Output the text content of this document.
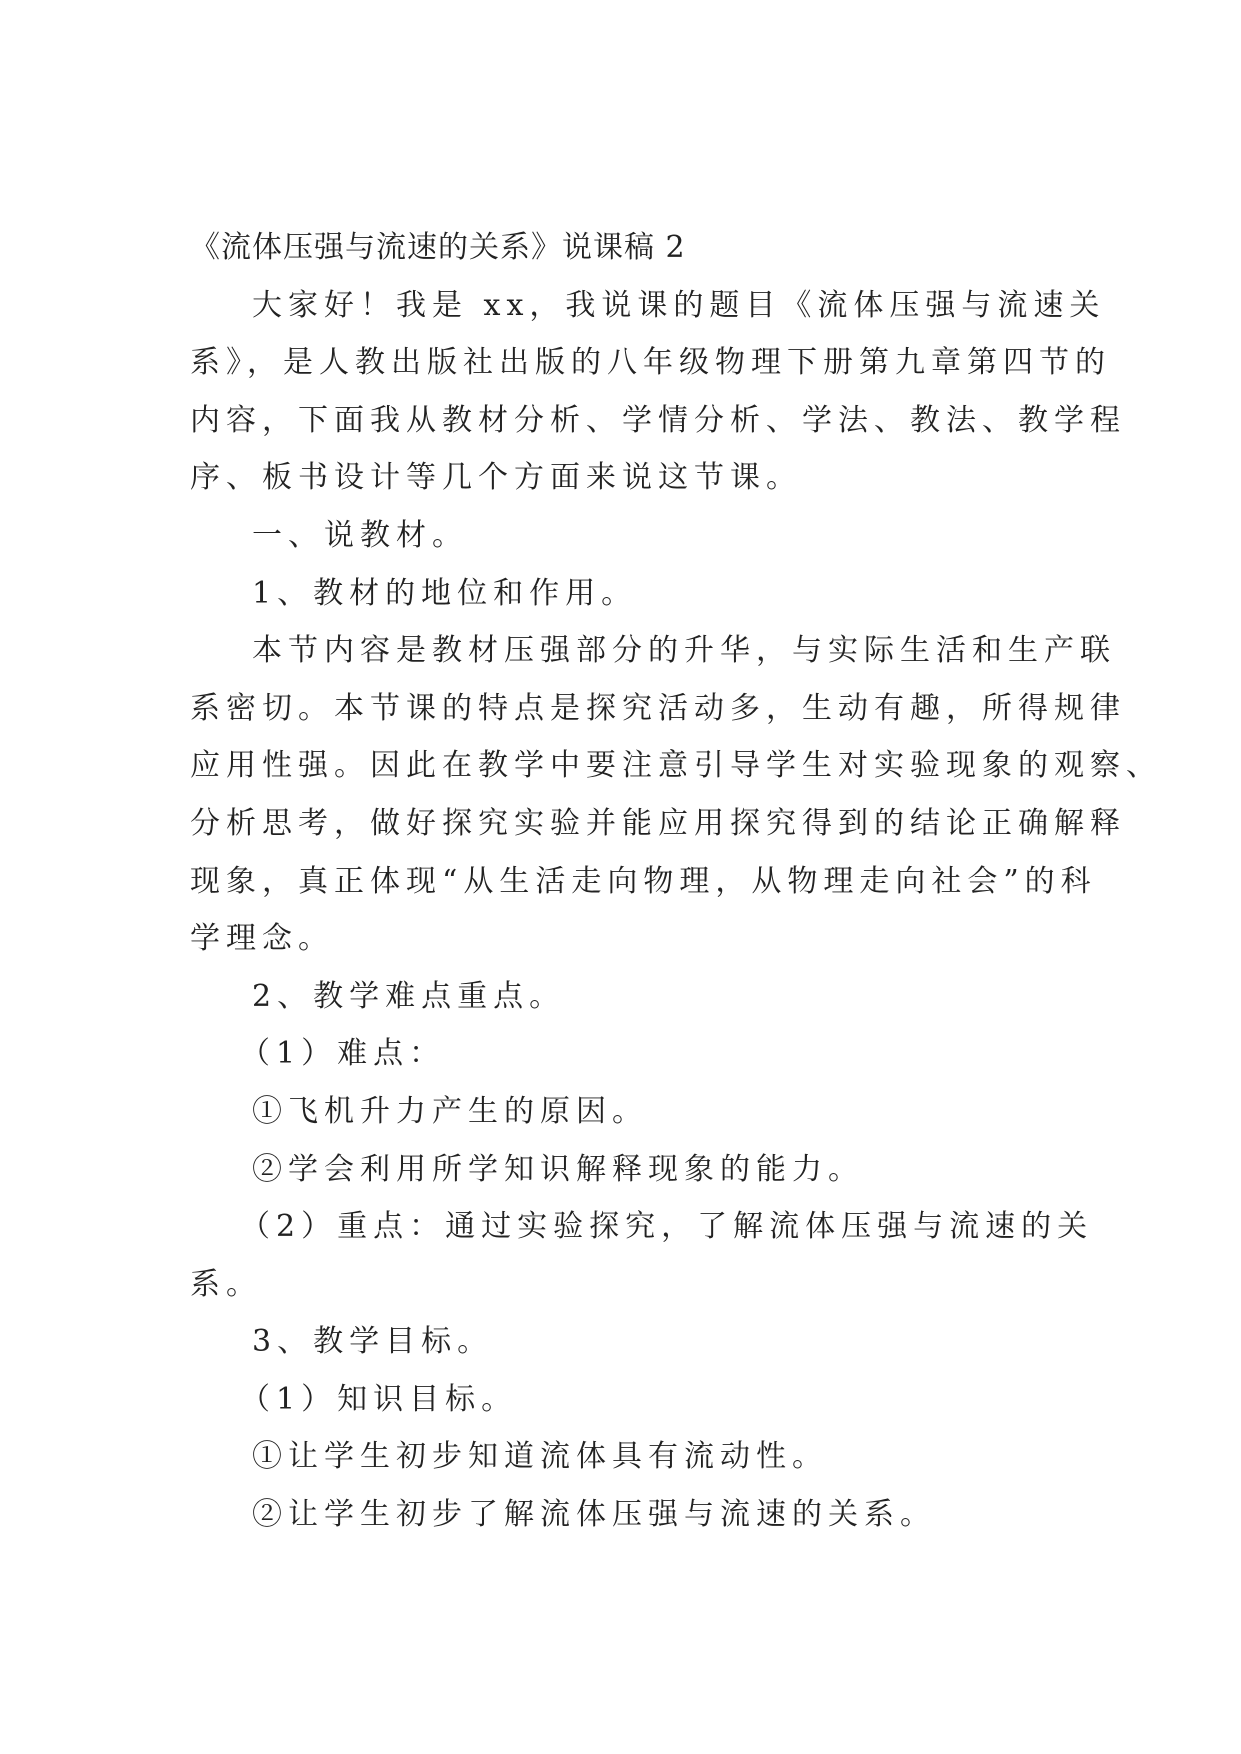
《流体压强与流速的关系》说课稿 2
大家好！我是 xx，我说课的题目《流体压强与流速关
系》，是人教出版社出版的八年级物理下册第九章第四节的
内容，下面我从教材分析、学情分析、学法、教法、教学程
序、板书设计等几个方面来说这节课。
一、说教材。
1、教材的地位和作用。
本节内容是教材压强部分的升华，与实际生活和生产联
系密切。本节课的特点是探究活动多，生动有趣，所得规律
应用性强。因此在教学中要注意引导学生对实验现象的观察、
分析思考，做好探究实验并能应用探究得到的结论正确解释
现象，真正体现“从生活走向物理，从物理走向社会”的科
学理念。
2、教学难点重点。
（1）难点：
①飞机升力产生的原因。
②学会利用所学知识解释现象的能力。
（2）重点：通过实验探究，了解流体压强与流速的关
系。
3、教学目标。
（1）知识目标。
①让学生初步知道流体具有流动性。
②让学生初步了解流体压强与流速的关系。
